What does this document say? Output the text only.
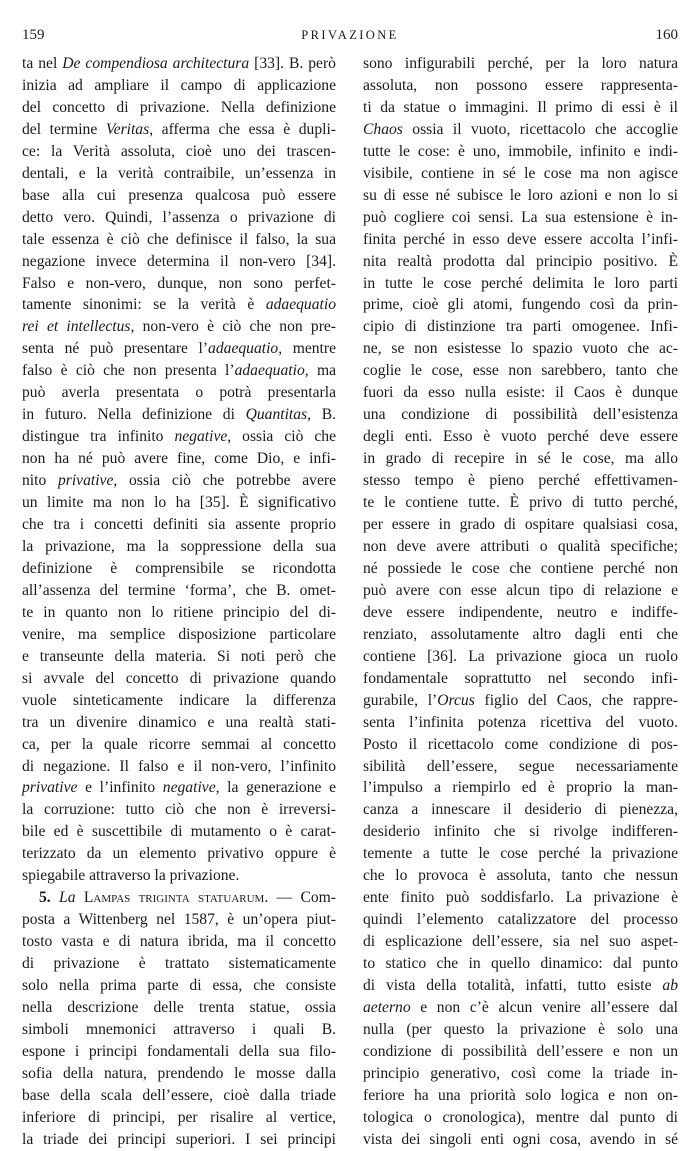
159	PRIVAZIONE	160
ta nel De compendiosa architectura [33]. B. però
inizia ad ampliare il campo di applicazione
del concetto di privazione. Nella definizione
del termine Veritas, afferma che essa è dupli-
ce: la Verità assoluta, cioè uno dei trascen-
dentali, e la verità contraibile, un’essenza in
base alla cui presenza qualcosa può essere
detto vero. Quindi, l’assenza o privazione di
tale essenza è ciò che definisce il falso, la sua
negazione invece determina il non-vero [34].
Falso e non-vero, dunque, non sono perfet-
tamente sinonimi: se la verità è adaequatio
rei et intellectus, non-vero è ciò che non pre-
senta né può presentare l’adaequatio, mentre
falso è ciò che non presenta l’adaequatio, ma
può averla presentata o potrà presentarla
in futuro. Nella definizione di Quantitas, B.
distingue tra infinito negative, ossia ciò che
non ha né può avere fine, come Dio, e infi-
nito privative, ossia ciò che potrebbe avere
un limite ma non lo ha [35]. È significativo
che tra i concetti definiti sia assente proprio
la privazione, ma la soppressione della sua
definizione è comprensibile se ricondotta
all’assenza del termine ‘forma’, che B. omet-
te in quanto non lo ritiene principio del di-
venire, ma semplice disposizione particolare
e transeunte della materia. Si noti però che
si avvale del concetto di privazione quando
vuole sinteticamente indicare la differenza
tra un divenire dinamico e una realtà stati-
ca, per la quale ricorre semmai al concetto
di negazione. Il falso e il non-vero, l’infinito
privative e l’infinito negative, la generazione e
la corruzione: tutto ciò che non è irreversi-
bile ed è suscettibile di mutamento o è carat-
terizzato da un elemento privativo oppure è
spiegabile attraverso la privazione.
5. La Lampas triginta statuarum. — Com-
posta a Wittenberg nel 1587, è un’opera piut-
tosto vasta e di natura ibrida, ma il concetto
di privazione è trattato sistematicamente
solo nella prima parte di essa, che consiste
nella descrizione delle trenta statue, ossia
simboli mnemonici attraverso i quali B.
espone i principi fondamentali della sua filo-
sofia della natura, prendendo le mosse dalla
base della scala dell’essere, cioè dalla triade
inferiore di principi, per risalire al vertice,
la triade dei principi superiori. I sei principi
sono infigurabili perché, per la loro natura
assoluta, non possono essere rappresenta-
ti da statue o immagini. Il primo di essi è il
Chaos ossia il vuoto, ricettacolo che accoglie
tutte le cose: è uno, immobile, infinito e indi-
visibile, contiene in sé le cose ma non agisce
su di esse né subisce le loro azioni e non lo si
può cogliere coi sensi. La sua estensione è in-
finita perché in esso deve essere accolta l’infi-
nita realtà prodotta dal principio positivo. È
in tutte le cose perché delimita le loro parti
prime, cioè gli atomi, fungendo così da prin-
cipio di distinzione tra parti omogenee. Infi-
ne, se non esistesse lo spazio vuoto che ac-
coglie le cose, esse non sarebbero, tanto che
fuori da esso nulla esiste: il Caos è dunque
una condizione di possibilità dell’esistenza
degli enti. Esso è vuoto perché deve essere
in grado di recepire in sé le cose, ma allo
stesso tempo è pieno perché effettivamen-
te le contiene tutte. È privo di tutto perché,
per essere in grado di ospitare qualsiasi cosa,
non deve avere attributi o qualità specifiche;
né possiede le cose che contiene perché non
può avere con esse alcun tipo di relazione e
deve essere indipendente, neutro e indiffe-
renziato, assolutamente altro dagli enti che
contiene [36]. La privazione gioca un ruolo
fondamentale soprattutto nel secondo infi-
gurabile, l’Orcus figlio del Caos, che rappre-
senta l’infinita potenza ricettiva del vuoto.
Posto il ricettacolo come condizione di pos-
sibilità dell’essere, segue necessariamente
l’impulso a riempirlo ed è proprio la man-
canza a innescare il desiderio di pienezza,
desiderio infinito che si rivolge indifferen-
temente a tutte le cose perché la privazione
che lo provoca è assoluta, tanto che nessun
ente finito può soddisfarlo. La privazione è
quindi l’elemento catalizzatore del processo
di esplicazione dell’essere, sia nel suo aspet-
to statico che in quello dinamico: dal punto
di vista della totalità, infatti, tutto esiste ab
aeterno e non c’è alcun venire all’essere dal
nulla (per questo la privazione è solo una
condizione di possibilità dell’essere e non un
principio generativo, così come la triade in-
feriore ha una priorità solo logica e non on-
tologica o cronologica), mentre dal punto di
vista dei singoli enti ogni cosa, avendo in sé
